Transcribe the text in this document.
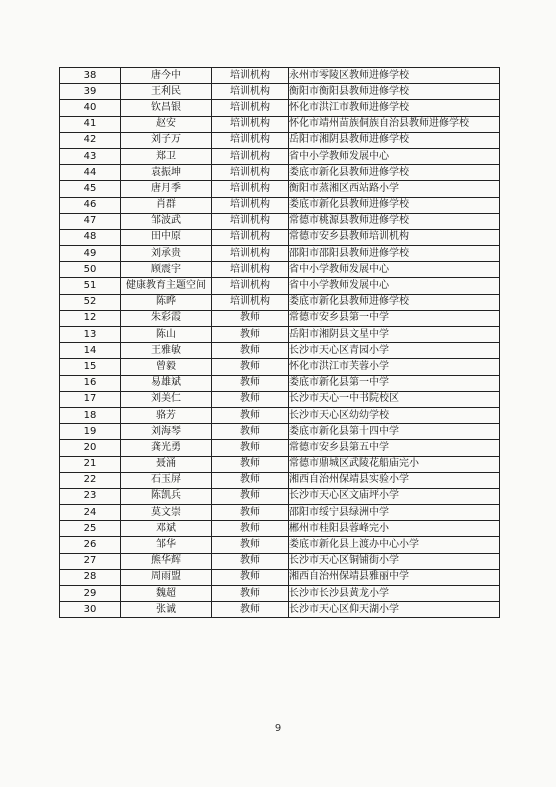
38	唐今中	培训机构	永州市零陵区教师进修学校
39	王利民	培训机构	衡阳市衡阳县教师进修学校
40	钦昌银	培训机构	怀化市洪江市教师进修学校
41	赵安	培训机构	怀化市靖州苗族侗族自治县教师进修学校
42	刘子万	培训机构	岳阳市湘阴县教师进修学校
43	郑卫	培训机构	省中小学教师发展中心
44	袁振坤	培训机构	娄底市新化县教师进修学校
45	唐月季	培训机构	衡阳市蒸湘区西站路小学
46	肖群	培训机构	娄底市新化县教师进修学校
47	邹波武	培训机构	常德市桃源县教师进修学校
48	田中原	培训机构	常德市安乡县教师培训机构
49	刘承贵	培训机构	邵阳市邵阳县教师进修学校
50	顾震宇	培训机构	省中小学教师发展中心
51	健康教育主题空间	培训机构	省中小学教师发展中心
52	陈晔	培训机构	娄底市新化县教师进修学校
12	朱彩霞	教师	常德市安乡县第一中学
13	陈山	教师	岳阳市湘阴县文星中学
14	王雅敏	教师	长沙市天心区青园小学
15	曾毅	教师	怀化市洪江市芙蓉小学
16	易雄斌	教师	娄底市新化县第一中学
17	刘美仁	教师	长沙市天心一中书院校区
18	骆芳	教师	长沙市天心区幼幼学校
19	刘海琴	教师	娄底市新化县第十四中学
20	龚光勇	教师	常德市安乡县第五中学
21	聂涌	教师	常德市鼎城区武陵花船庙完小
22	石玉屏	教师	湘西自治州保靖县实验小学
23	陈凯兵	教师	长沙市天心区文庙坪小学
24	莫文崇	教师	邵阳市绥宁县绿洲中学
25	邓斌	教师	郴州市桂阳县蓉峰完小
26	邹华	教师	娄底市新化县上渡办中心小学
27	熊华辉	教师	长沙市天心区铜铺街小学
28	周雨盟	教师	湘西自治州保靖县雅丽中学
29	魏超	教师	长沙市长沙县黄龙小学
30	张诚	教师	长沙市天心区仰天湖小学
9
